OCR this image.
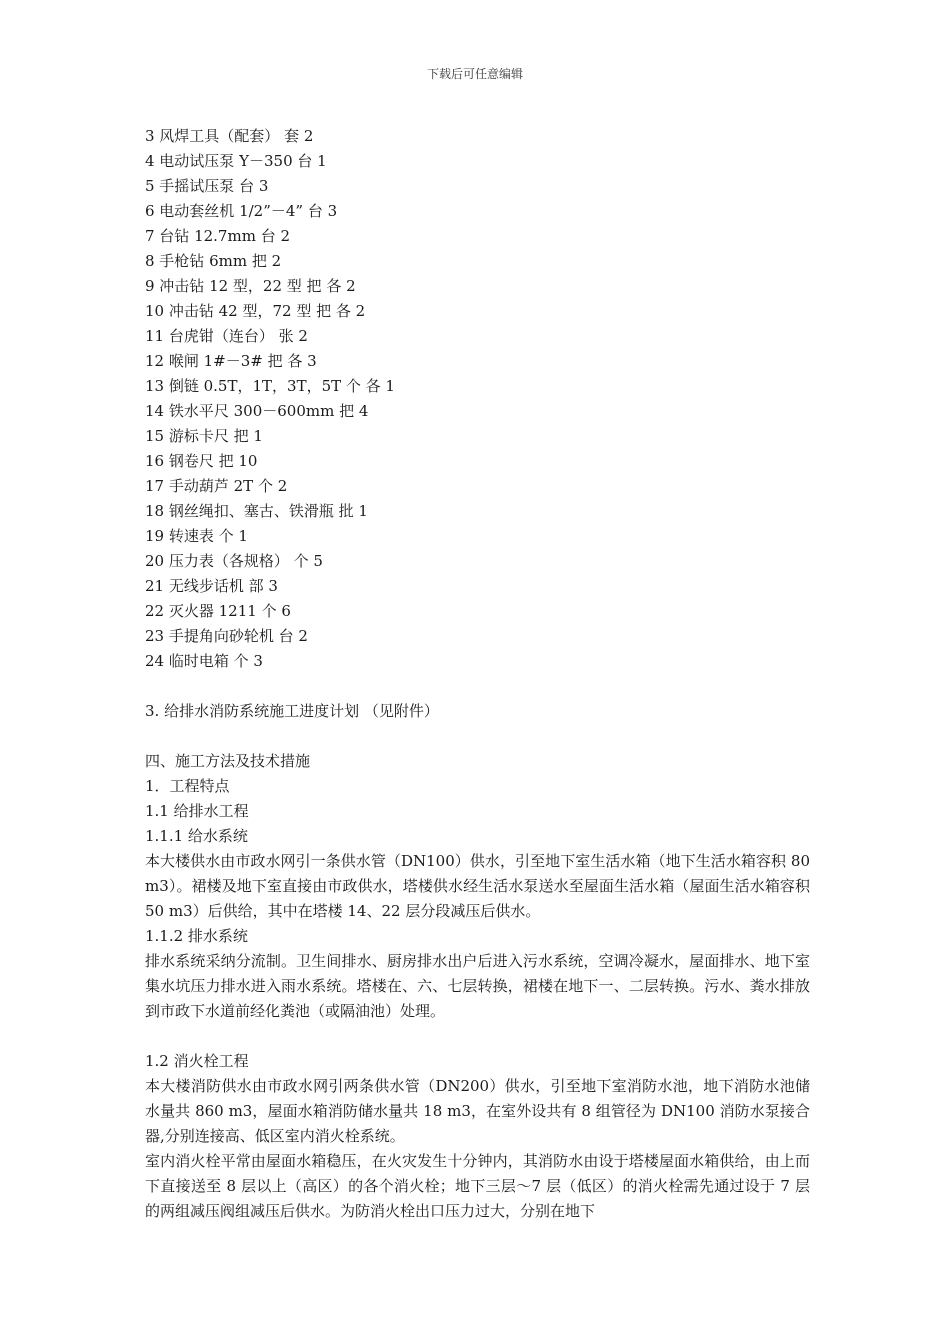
下载后可任意编辑
3 风焊工具（配套） 套 2
4 电动试压泵 Y－350 台 1
5 手摇试压泵 台 3
6 电动套丝机 1/2”－4” 台 3
7 台钻 12.7mm 台 2
8 手枪钻 6mm 把 2
9 冲击钻 12 型，22 型 把 各 2
10 冲击钻 42 型，72 型 把 各 2
11 台虎钳（连台） 张 2
12 喉闸 1#－3# 把 各 3
13 倒链 0.5T，1T，3T，5T 个 各 1
14 铁水平尺 300－600mm 把 4
15 游标卡尺 把 1
16 钢卷尺 把 10
17 手动葫芦 2T 个 2
18 钢丝绳扣、塞古、铁滑瓶 批 1
19 转速表 个 1
20 压力表（各规格） 个 5
21 无线步话机 部 3
22 灭火器 1211 个 6
23 手提角向砂轮机 台 2
24 临时电箱 个 3
3. 给排水消防系统施工进度计划 （见附件）
四、施工方法及技术措施
1．工程特点
1.1 给排水工程
1.1.1 给水系统
本大楼供水由市政水网引一条供水管（DN100）供水，引至地下室生活水箱（地下生活水箱容积 80m3）。裙楼及地下室直接由市政供水，塔楼供水经生活水泵送水至屋面生活水箱（屋面生活水箱容积 50 m3）后供给，其中在塔楼 14、22 层分段减压后供水。
1.1.2 排水系统
排水系统采纳分流制。卫生间排水、厨房排水出户后进入污水系统，空调冷凝水，屋面排水、地下室集水坑压力排水进入雨水系统。塔楼在、六、七层转换，裙楼在地下一、二层转换。污水、粪水排放到市政下水道前经化粪池（或隔油池）处理。
1.2 消火栓工程
本大楼消防供水由市政水网引两条供水管（DN200）供水，引至地下室消防水池，地下消防水池储水量共 860 m3，屋面水箱消防储水量共 18 m3，在室外设共有 8 组管径为 DN100 消防水泵接合器,分别连接高、低区室内消火栓系统。
室内消火栓平常由屋面水箱稳压，在火灾发生十分钟内，其消防水由设于塔楼屋面水箱供给，由上而下直接送至 8 层以上（高区）的各个消火栓；地下三层～7 层（低区）的消火栓需先通过设于 7 层的两组减压阀组减压后供水。为防消火栓出口压力过大，分别在地下
